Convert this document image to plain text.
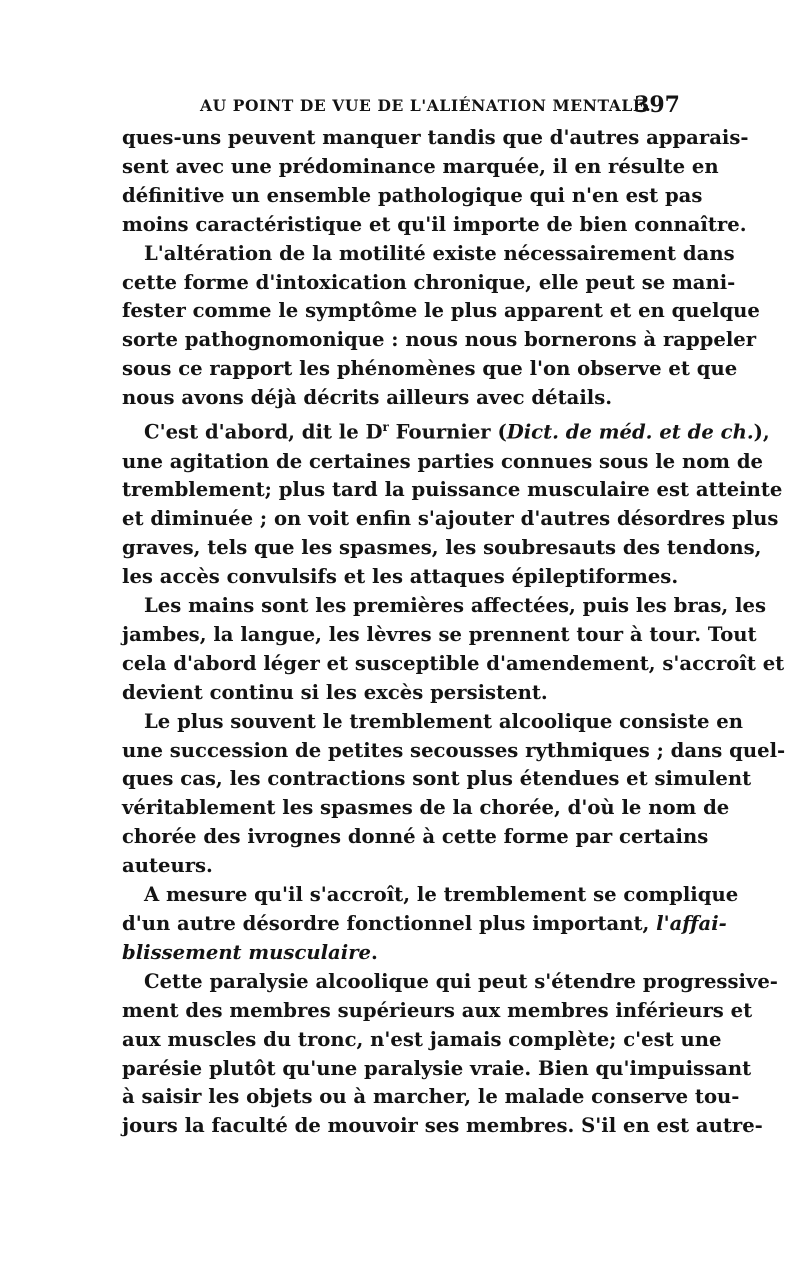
AU POINT DE VUE DE L'ALIÉNATION MENTALE.
397
ques-uns peuvent manquer tandis que d'autres apparais-
sent avec une prédominance marquée, il en résulte en
définitive un ensemble pathologique qui n'en est pas
moins caractéristique et qu'il importe de bien connaître.
L'altération de la motilité existe nécessairement dans
cette forme d'intoxication chronique, elle peut se mani-
fester comme le symptôme le plus apparent et en quelque
sorte pathognomonique : nous nous bornerons à rappeler
sous ce rapport les phénomènes que l'on observe et que
nous avons déjà décrits ailleurs avec détails.
C'est d'abord, dit le $D^r$ Fournier (Dict. de méd. et de ch.),
une agitation de certaines parties connues sous le nom de
tremblement; plus tard la puissance musculaire est atteinte
et diminuée ; on voit enfin s'ajouter d'autres désordres plus
graves, tels que les spasmes, les soubresauts des tendons,
les accès convulsifs et les attaques épileptiformes.
Les mains sont les premières affectées, puis les bras, les
jambes, la langue, les lèvres se prennent tour à tour. Tout
cela d'abord léger et susceptible d'amendement, s'accroît et
devient continu si les excès persistent.
Le plus souvent le tremblement alcoolique consiste en
une succession de petites secousses rythmiques ; dans quel-
ques cas, les contractions sont plus étendues et simulent
véritablement les spasmes de la chorée, d'où le nom de
chorée des ivrognes donné à cette forme par certains
auteurs.
A mesure qu'il s'accroît, le tremblement se complique
d'un autre désordre fonctionnel plus important, l'affai-
blissement musculaire.
Cette paralysie alcoolique qui peut s'étendre progressive-
ment des membres supérieurs aux membres inférieurs et
aux muscles du tronc, n'est jamais complète; c'est une
parésie plutôt qu'une paralysie vraie. Bien qu'impuissant
à saisir les objets ou à marcher, le malade conserve tou-
jours la faculté de mouvoir ses membres. S'il en est autre-
